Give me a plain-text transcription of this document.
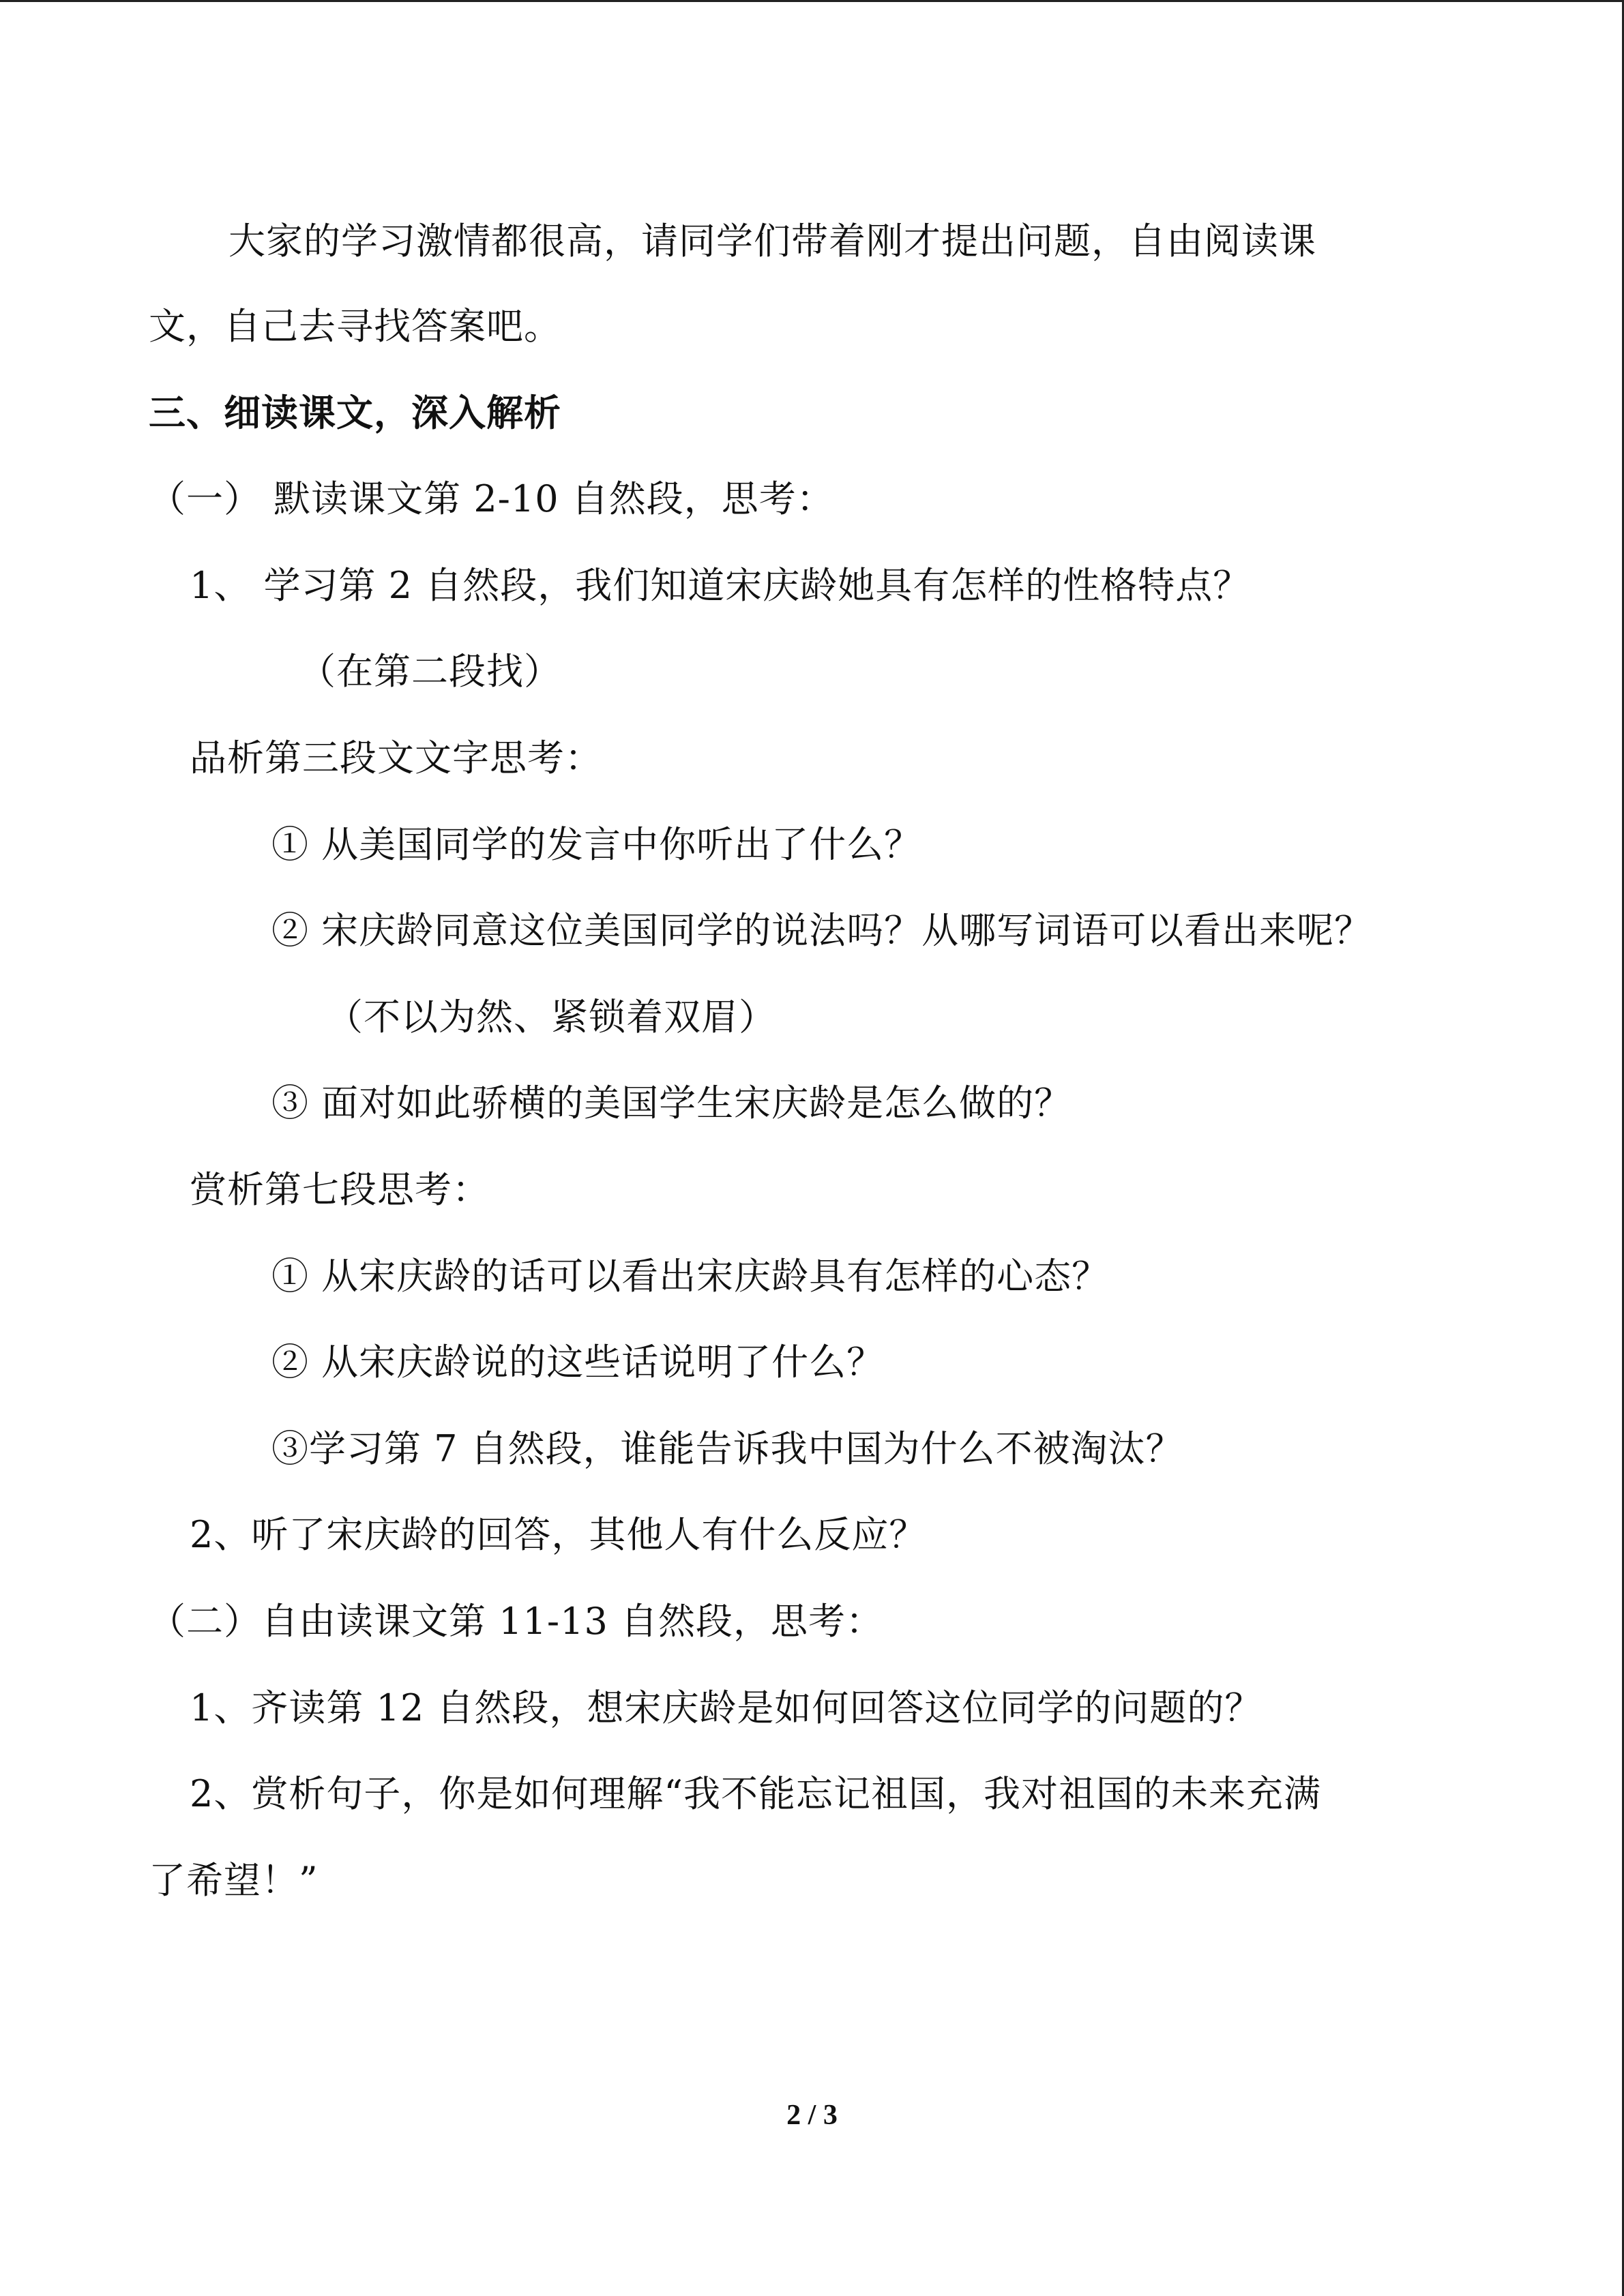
大家的学习激情都很高，请同学们带着刚才提出问题，自由阅读课
文，自己去寻找答案吧。
三、细读课文，深入解析
（一） 默读课文第 2-10 自然段，思考：
1、 学习第 2 自然段，我们知道宋庆龄她具有怎样的性格特点？
（在第二段找）
品析第三段文文字思考：
① 从美国同学的发言中你听出了什么？
② 宋庆龄同意这位美国同学的说法吗？从哪写词语可以看出来呢？
（不以为然、紧锁着双眉）
③ 面对如此骄横的美国学生宋庆龄是怎么做的？
赏析第七段思考：
① 从宋庆龄的话可以看出宋庆龄具有怎样的心态？
② 从宋庆龄说的这些话说明了什么？
③学习第 7 自然段，谁能告诉我中国为什么不被淘汰？
2、听了宋庆龄的回答，其他人有什么反应？
（二）自由读课文第 11-13 自然段，思考：
1、齐读第 12 自然段，想宋庆龄是如何回答这位同学的问题的？
2、赏析句子，你是如何理解“我不能忘记祖国，我对祖国的未来充满
了希望！”
2 / 3
